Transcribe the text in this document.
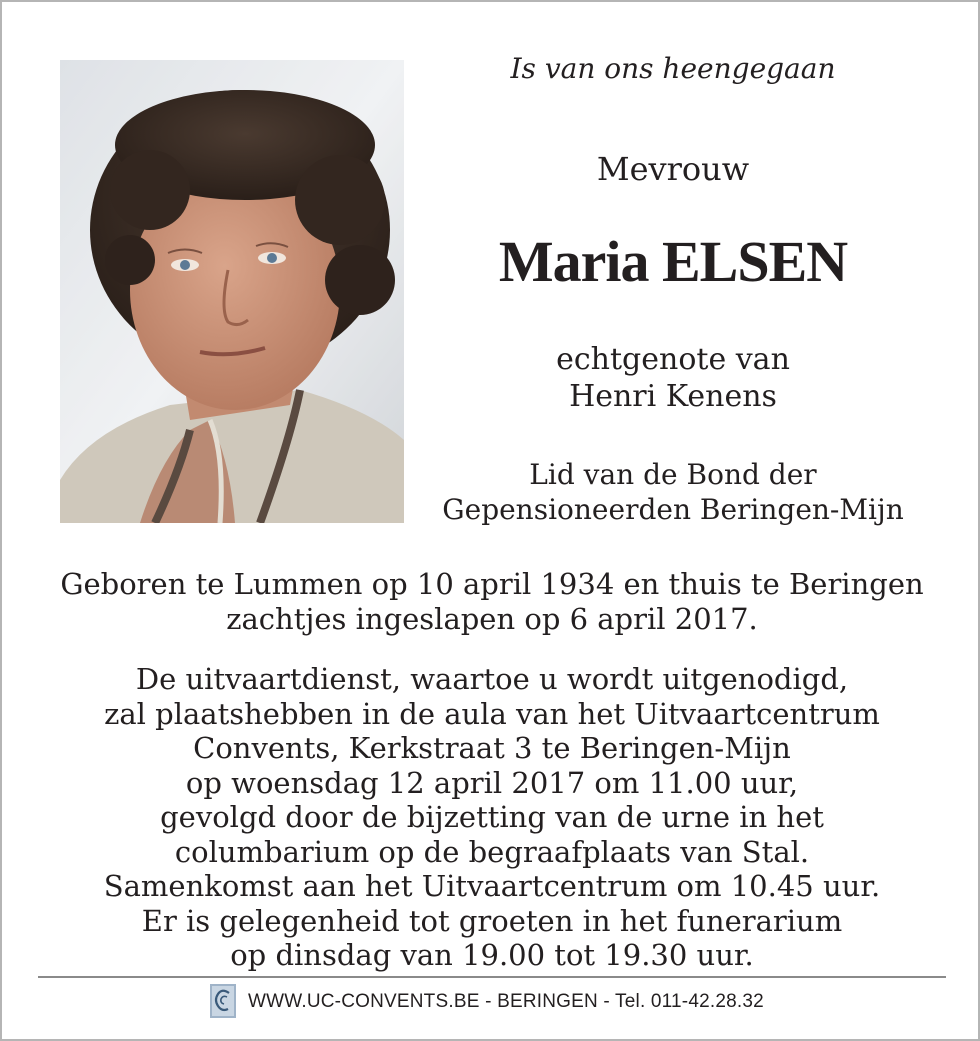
Is van ons heengegaan
Mevrouw
Maria ELSEN
echtgenote van
Henri Kenens
Lid van de Bond der
Gepensioneerden Beringen-Mijn
Geboren te Lummen op 10 april 1934 en thuis te Beringen
zachtjes ingeslapen op 6 april 2017.
De uitvaartdienst, waartoe u wordt uitgenodigd,
zal plaatshebben in de aula van het Uitvaartcentrum
Convents, Kerkstraat 3 te Beringen-Mijn
op woensdag 12 april 2017 om 11.00 uur,
gevolgd door de bijzetting van de urne in het
columbarium op de begraafplaats van Stal.
Samenkomst aan het Uitvaartcentrum om 10.45 uur.
Er is gelegenheid tot groeten in het funerarium
op dinsdag van 19.00 tot 19.30 uur.
WWW.UC-CONVENTS.BE - BERINGEN - Tel. 011-42.28.32
